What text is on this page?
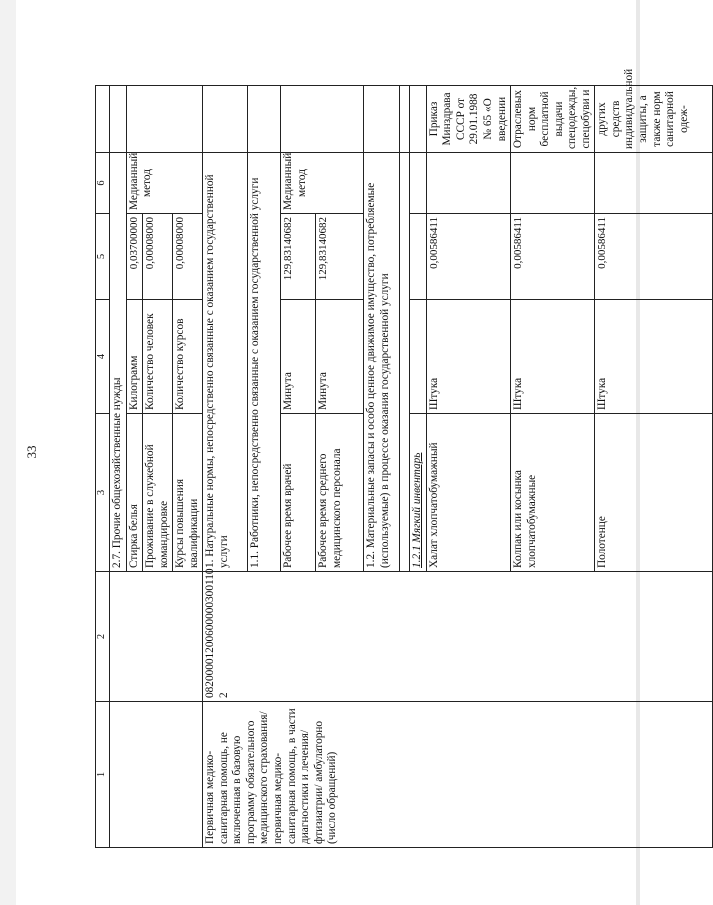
33
1	2	3	4	5	6	
		2.7. Прочие общехозяйственные нужды				
		Стирка белья	Килограмм	0,03700000	Медианный метод	
		Проживание в служебной командировке	Количество человек	0,00008000		
		Курсы повышения квалификации	Количество курсов	0,00008000		
Первичная медико-санитарная помощь, не включенная в базовую программу обязательного медицинского страхования/первичная медико-санитарная помощь, в части диагностики и лечения/фтизиатрии/ амбулаторно (число обращений)	08200001200600000300110 2	1. Натуральные нормы, непосредственно связанные с оказанием государственной услуги				
		1.1. Работники, непосредственно связанные с оказанием государственной услуги				
		Рабочее время врачей	Минута	129,83140682	Медианный метод	
		Рабочее время среднего медицинского персонала	Минута	129,83140682		
		1.2. Материальные запасы и особо ценное движимое имущество, потребляемые (используемые) в процессе оказания государственной услуги				

		1.2.1 Мягкий инвентарь				
		Халат хлопчатобумажный	Штука	0,00586411		Приказ Минздрава СССР от 29.01.1988 № 65 «О введении
		Колпак или косынка хлопчатобумажные	Штука	0,00586411		Отраслевых норм бесплатной выдачи спецодежды, спецобуви и
		Полотенце	Штука	0,00586411		других средств индивидуальной защиты, а также норм санитарной одеж-
